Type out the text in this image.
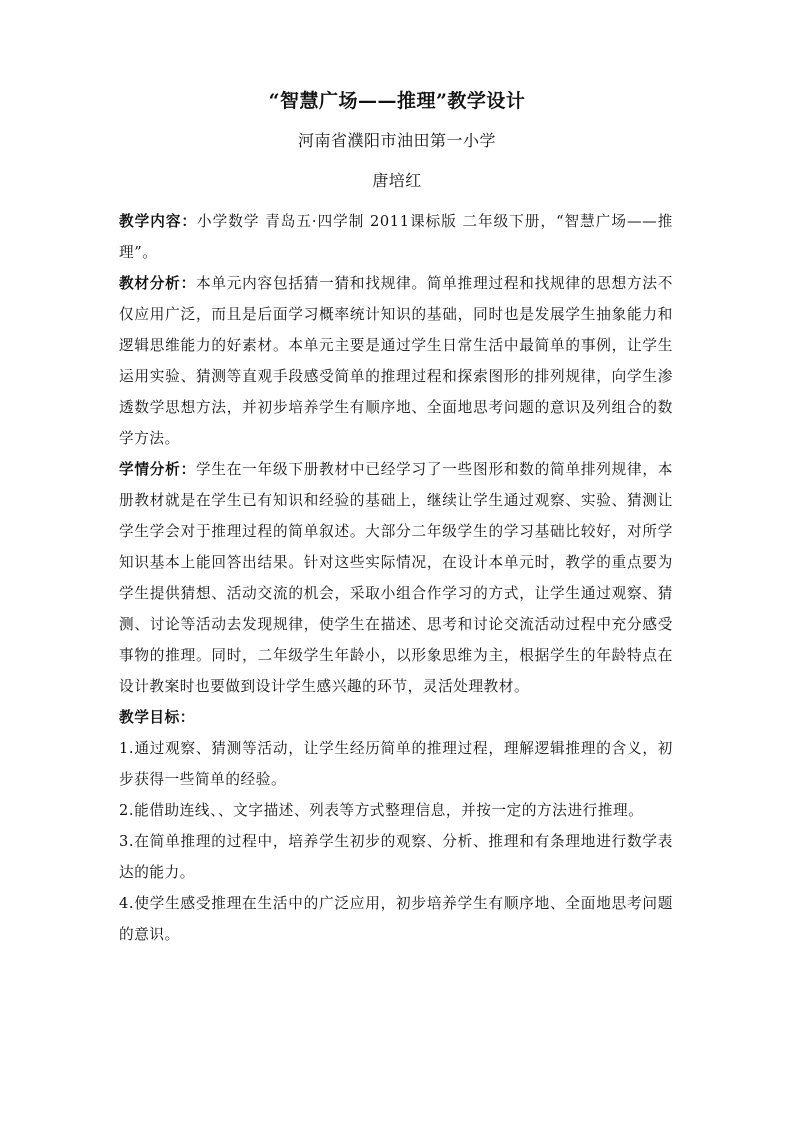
“智慧广场——推理”教学设计
河南省濮阳市油田第一小学
唐培红

教学内容：小学数学 青岛五·四学制 2011课标版 二年级下册，“智慧广场——推理”。

教材分析：本单元内容包括猜一猜和找规律。简单推理过程和找规律的思想方法不仅应用广泛，而且是后面学习概率统计知识的基础，同时也是发展学生抽象能力和逻辑思维能力的好素材。本单元主要是通过学生日常生活中最简单的事例，让学生运用实验、猜测等直观手段感受简单的推理过程和探索图形的排列规律，向学生渗透数学思想方法，并初步培养学生有顺序地、全面地思考问题的意识及列组合的数学方法。

学情分析：学生在一年级下册教材中已经学习了一些图形和数的简单排列规律，本册教材就是在学生已有知识和经验的基础上，继续让学生通过观察、实验、猜测让学生学会对于推理过程的简单叙述。大部分二年级学生的学习基础比较好，对所学知识基本上能回答出结果。针对这些实际情况，在设计本单元时，教学的重点要为学生提供猜想、活动交流的机会，采取小组合作学习的方式，让学生通过观察、猜测、讨论等活动去发现规律，使学生在描述、思考和讨论交流活动过程中充分感受事物的推理。同时，二年级学生年龄小，以形象思维为主，根据学生的年龄特点在设计教案时也要做到设计学生感兴趣的环节，灵活处理教材。

教学目标：

1.通过观察、猜测等活动，让学生经历简单的推理过程，理解逻辑推理的含义，初步获得一些简单的经验。

2.能借助连线、、文字描述、列表等方式整理信息，并按一定的方法进行推理。

3.在简单推理的过程中，培养学生初步的观察、分析、推理和有条理地进行数学表达的能力。

4.使学生感受推理在生活中的广泛应用，初步培养学生有顺序地、全面地思考问题的意识。
